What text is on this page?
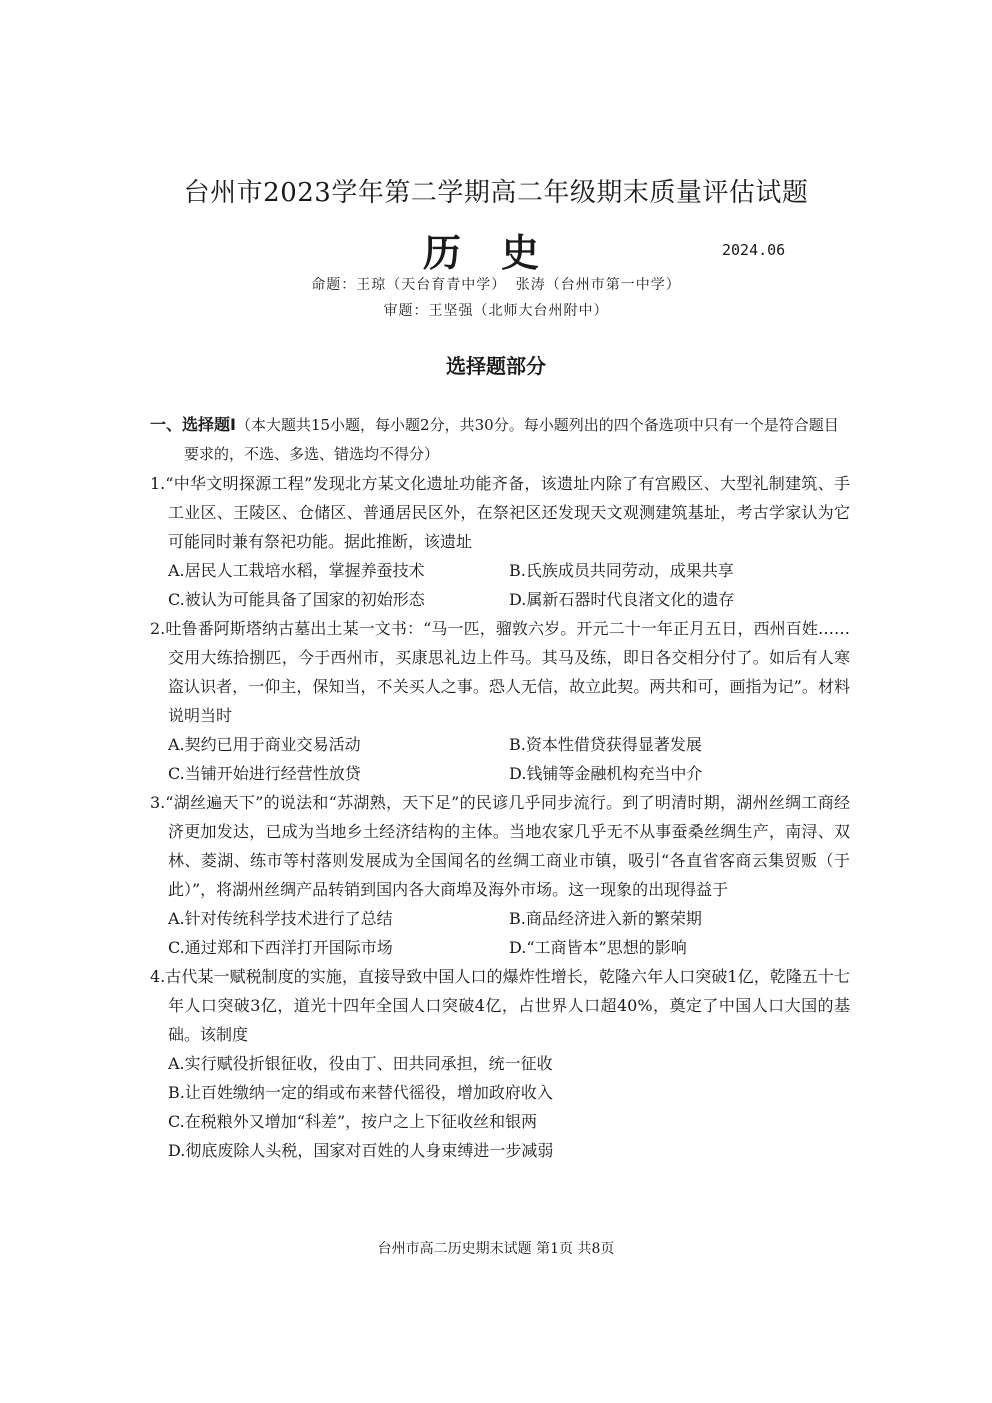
台州市2023学年第二学期高二年级期末质量评估试题
历史	2024.06
命题：王琼（天台育青中学） 张涛（台州市第一中学）
审题：王坚强（北师大台州附中）
选择题部分

一、选择题Ⅰ（本大题共15小题，每小题2分，共30分。每小题列出的四个备选项中只有一个是符合题目要求的，不选、多选、错选均不得分）

1.“中华文明探源工程”发现北方某文化遗址功能齐备，该遗址内除了有宫殿区、大型礼制建筑、手工业区、王陵区、仓储区、普通居民区外，在祭祀区还发现天文观测建筑基址，考古学家认为它可能同时兼有祭祀功能。据此推断，该遗址

A.居民人工栽培水稻，掌握养蚕技术	B.氏族成员共同劳动，成果共享
C.被认为可能具备了国家的初始形态	D.属新石器时代良渚文化的遗存

2.吐鲁番阿斯塔纳古墓出土某一文书：“马一匹，骝敦六岁。开元二十一年正月五日，西州百姓……交用大练拾捌匹，今于西州市，买康思礼边上件马。其马及练，即日各交相分付了。如后有人寒盗认识者，一仰主，保知当，不关买人之事。恐人无信，故立此契。两共和可，画指为记”。材料说明当时

A.契约已用于商业交易活动	B.资本性借贷获得显著发展
C.当铺开始进行经营性放贷	D.钱铺等金融机构充当中介

3.“湖丝遍天下”的说法和“苏湖熟，天下足”的民谚几乎同步流行。到了明清时期，湖州丝绸工商经济更加发达，已成为当地乡土经济结构的主体。当地农家几乎无不从事蚕桑丝绸生产，南浔、双林、菱湖、练市等村落则发展成为全国闻名的丝绸工商业市镇，吸引“各直省客商云集贸贩（于此）”，将湖州丝绸产品转销到国内各大商埠及海外市场。这一现象的出现得益于

A.针对传统科学技术进行了总结	B.商品经济进入新的繁荣期
C.通过郑和下西洋打开国际市场	D.“工商皆本”思想的影响

4.古代某一赋税制度的实施，直接导致中国人口的爆炸性增长，乾隆六年人口突破1亿，乾隆五十七年人口突破3亿，道光十四年全国人口突破4亿，占世界人口超40%，奠定了中国人口大国的基础。该制度

A.实行赋役折银征收，役由丁、田共同承担，统一征收
B.让百姓缴纳一定的绢或布来替代徭役，增加政府收入
C.在税粮外又增加“科差”，按户之上下征收丝和银两
D.彻底废除人头税，国家对百姓的人身束缚进一步减弱
台州市高二历史期末试题 第1页 共8页
